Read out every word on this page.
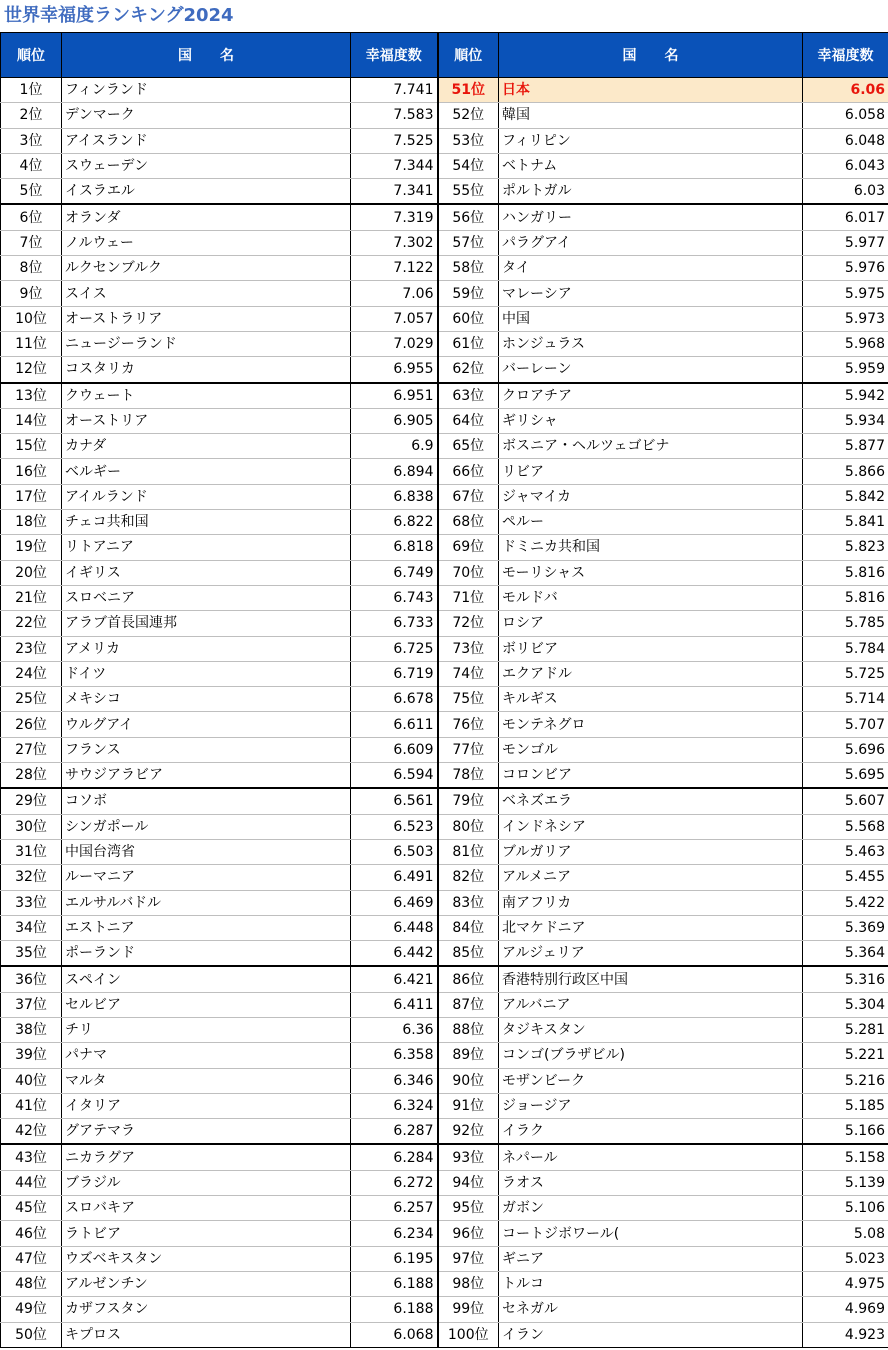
世界幸福度ランキング2024
順位	国　　名	幸福度数	順位	国　　名	幸福度数
1位	フィンランド	7.741	51位	日本	6.06
2位	デンマーク	7.583	52位	韓国	6.058
3位	アイスランド	7.525	53位	フィリピン	6.048
4位	スウェーデン	7.344	54位	ベトナム	6.043
5位	イスラエル	7.341	55位	ポルトガル	6.03
6位	オランダ	7.319	56位	ハンガリー	6.017
7位	ノルウェー	7.302	57位	パラグアイ	5.977
8位	ルクセンブルク	7.122	58位	タイ	5.976
9位	スイス	7.06	59位	マレーシア	5.975
10位	オーストラリア	7.057	60位	中国	5.973
11位	ニュージーランド	7.029	61位	ホンジュラス	5.968
12位	コスタリカ	6.955	62位	バーレーン	5.959
13位	クウェート	6.951	63位	クロアチア	5.942
14位	オーストリア	6.905	64位	ギリシャ	5.934
15位	カナダ	6.9	65位	ボスニア・ヘルツェゴビナ	5.877
16位	ベルギー	6.894	66位	リビア	5.866
17位	アイルランド	6.838	67位	ジャマイカ	5.842
18位	チェコ共和国	6.822	68位	ペルー	5.841
19位	リトアニア	6.818	69位	ドミニカ共和国	5.823
20位	イギリス	6.749	70位	モーリシャス	5.816
21位	スロベニア	6.743	71位	モルドバ	5.816
22位	アラブ首長国連邦	6.733	72位	ロシア	5.785
23位	アメリカ	6.725	73位	ボリビア	5.784
24位	ドイツ	6.719	74位	エクアドル	5.725
25位	メキシコ	6.678	75位	キルギス	5.714
26位	ウルグアイ	6.611	76位	モンテネグロ	5.707
27位	フランス	6.609	77位	モンゴル	5.696
28位	サウジアラビア	6.594	78位	コロンビア	5.695
29位	コソボ	6.561	79位	ベネズエラ	5.607
30位	シンガポール	6.523	80位	インドネシア	5.568
31位	中国台湾省	6.503	81位	ブルガリア	5.463
32位	ルーマニア	6.491	82位	アルメニア	5.455
33位	エルサルバドル	6.469	83位	南アフリカ	5.422
34位	エストニア	6.448	84位	北マケドニア	5.369
35位	ポーランド	6.442	85位	アルジェリア	5.364
36位	スペイン	6.421	86位	香港特別行政区中国	5.316
37位	セルビア	6.411	87位	アルバニア	5.304
38位	チリ	6.36	88位	タジキスタン	5.281
39位	パナマ	6.358	89位	コンゴ(ブラザビル)	5.221
40位	マルタ	6.346	90位	モザンビーク	5.216
41位	イタリア	6.324	91位	ジョージア	5.185
42位	グアテマラ	6.287	92位	イラク	5.166
43位	ニカラグア	6.284	93位	ネパール	5.158
44位	ブラジル	6.272	94位	ラオス	5.139
45位	スロバキア	6.257	95位	ガボン	5.106
46位	ラトビア	6.234	96位	コートジボワール(	5.08
47位	ウズベキスタン	6.195	97位	ギニア	5.023
48位	アルゼンチン	6.188	98位	トルコ	4.975
49位	カザフスタン	6.188	99位	セネガル	4.969
50位	キプロス	6.068	100位	イラン	4.923
